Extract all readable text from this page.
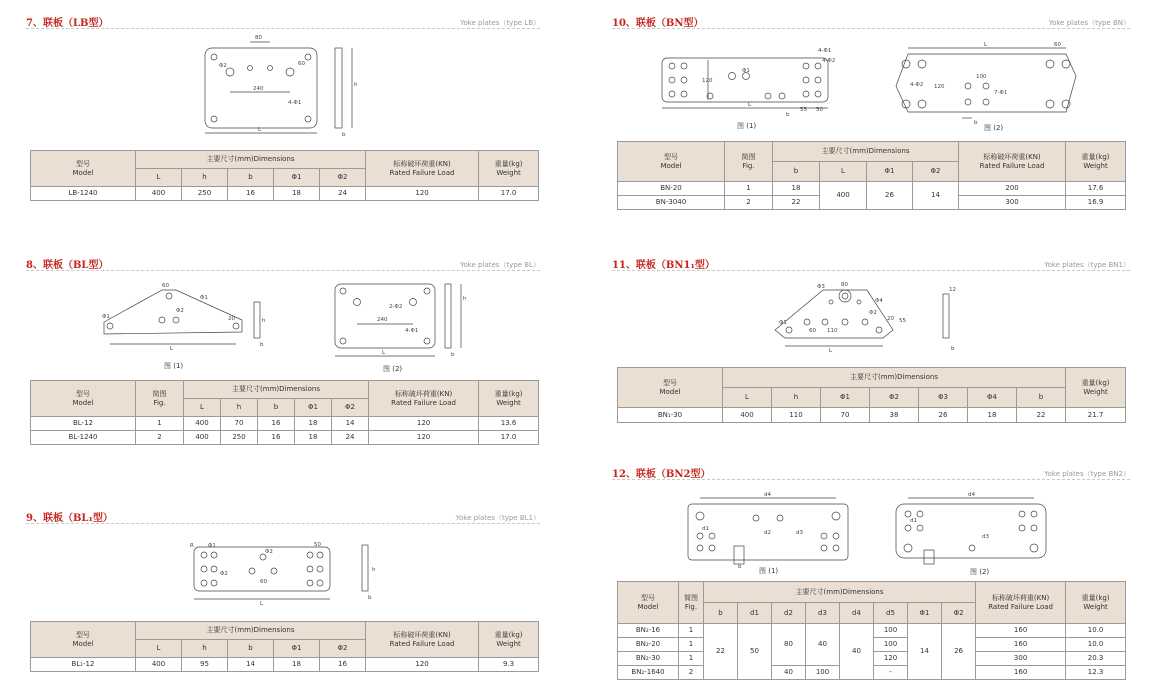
7、联板（LB型）	Yoke plates（type LB）
80
Φ2	60
240
4-Φ1
L
h
b
型号
Model	主要尺寸(mm)Dimensions					标称破坏荷重(KN)
Rated Failure Load	重量(kg)
Weight

	L	h	b	Φ1	Φ2		
LB-1240	400	250	16	18	24	120	17.0
8、联板（BL型）	Yoke plates（type BL）
60
Φ1
Φ1
Φ2
L
20	h
b
图 (1)
2-Φ2
240
4-Φ1
L
h
b
图 (2)
型号
Model	简图
Fig.	主要尺寸(mm)Dimensions					标称破坏荷重(KN)
Rated Failure Load	重量(kg)
Weight

		L	h	b	Φ1	Φ2		
BL-12	1	400	70	16	18	14	120	13.6
BL-1240	2	400	250	16	18	24	120	17.0
9、联板（BL₁型）	Yoke plates（type BL1）
R	Φ1
Φ2
50
Φ2
60
L
h
b
型号
Model	主要尺寸(mm)Dimensions					标称破坏荷重(KN)
Rated Failure Load	重量(kg)
Weight

	L	h	b	Φ1	Φ2		
BL₁-12	400	95	14	18	16	120	9.3
10、联板（BN型）	Yoke plates（type BN）
4-Φ1
4-Φ2
Φ1
120
L
55 50
b
图 (1)
L	60
100
4-Φ2
7-Φ1
120
b
图 (2)
型号
Model	简图
Fig.	主要尺寸(mm)Dimensions				标称破坏荷重(KN)
Rated Failure Load	重量(kg)
Weight

		b	L	Φ1	Φ2		
BN-20	1	18	400	26	14	200	17.6
BN-3040	2	22				300	16.9
11、联板（BN1₁型）	Yoke plates（type BN1）
Φ3	80
Φ4
Φ1
Φ2
60 110
20 55
L
12
b
型号
Model	主要尺寸(mm)Dimensions							重量(kg)
Weight

	L	h	Φ1	Φ2	Φ3	Φ4	b	
BN₁-30	400	110	70	38	26	18	22	21.7
12、联板（BN2型）	Yoke plates（type BN2）
d4
d1
d2	d3
b	图 (1)
d4
d1
d3
图 (2)
型号
Model	简图
Fig.	主要尺寸(mm)Dimensions								标称破坏荷重(KN)
Rated Failure Load	重量(kg)
Weight

		b	d1	d2	d3	d4	d5	Φ1	Φ2		
BN₂-16	1	22	50	80	40	40	100	14	26	160	10.0
BN₂-20	1						100			160	10.0
BN₂-30	1						120			300	20.3
BN₂-1640	2			40	100		-			160	12.3
